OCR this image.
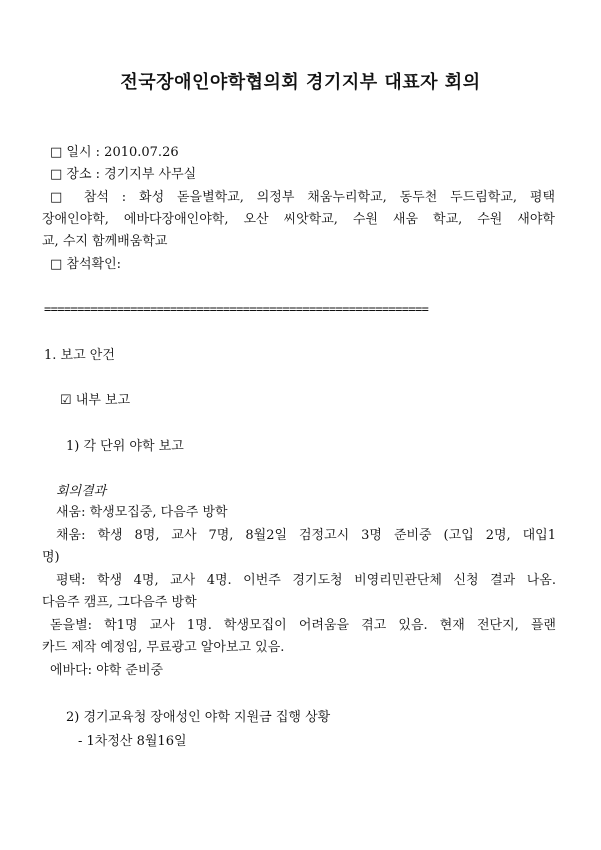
전국장애인야학협의회 경기지부 대표자 회의
□ 일시 : 2010.07.26
□ 장소 : 경기지부 사무실
□ 참석 : 화성 돋을별학교, 의정부 채움누리학교, 동두천 두드림학교, 평택
장애인야학, 에바다장애인야학, 오산 씨앗학교, 수원 새움 학교, 수원 새야학
교, 수지 함께배움학교
□ 참석확인:
==========================================================
1. 보고 안건
☑ 내부 보고
1) 각 단위 야학 보고
회의결과
새움: 학생모집중, 다음주 방학
채움: 학생 8명, 교사 7명, 8월2일 검정고시 3명 준비중 (고입 2명, 대입1
명)
평택: 학생 4명, 교사 4명. 이번주 경기도청 비영리민관단체 신청 결과 나옴.
다음주 캠프, 그다음주 방학
돋을별: 학1명 교사 1명. 학생모집이 어려움을 겪고 있음. 현재 전단지, 플랜
카드 제작 예정임, 무료광고 알아보고 있음.
에바다: 야학 준비중
2) 경기교육청 장애성인 야학 지원금 집행 상황
- 1차정산 8월16일
